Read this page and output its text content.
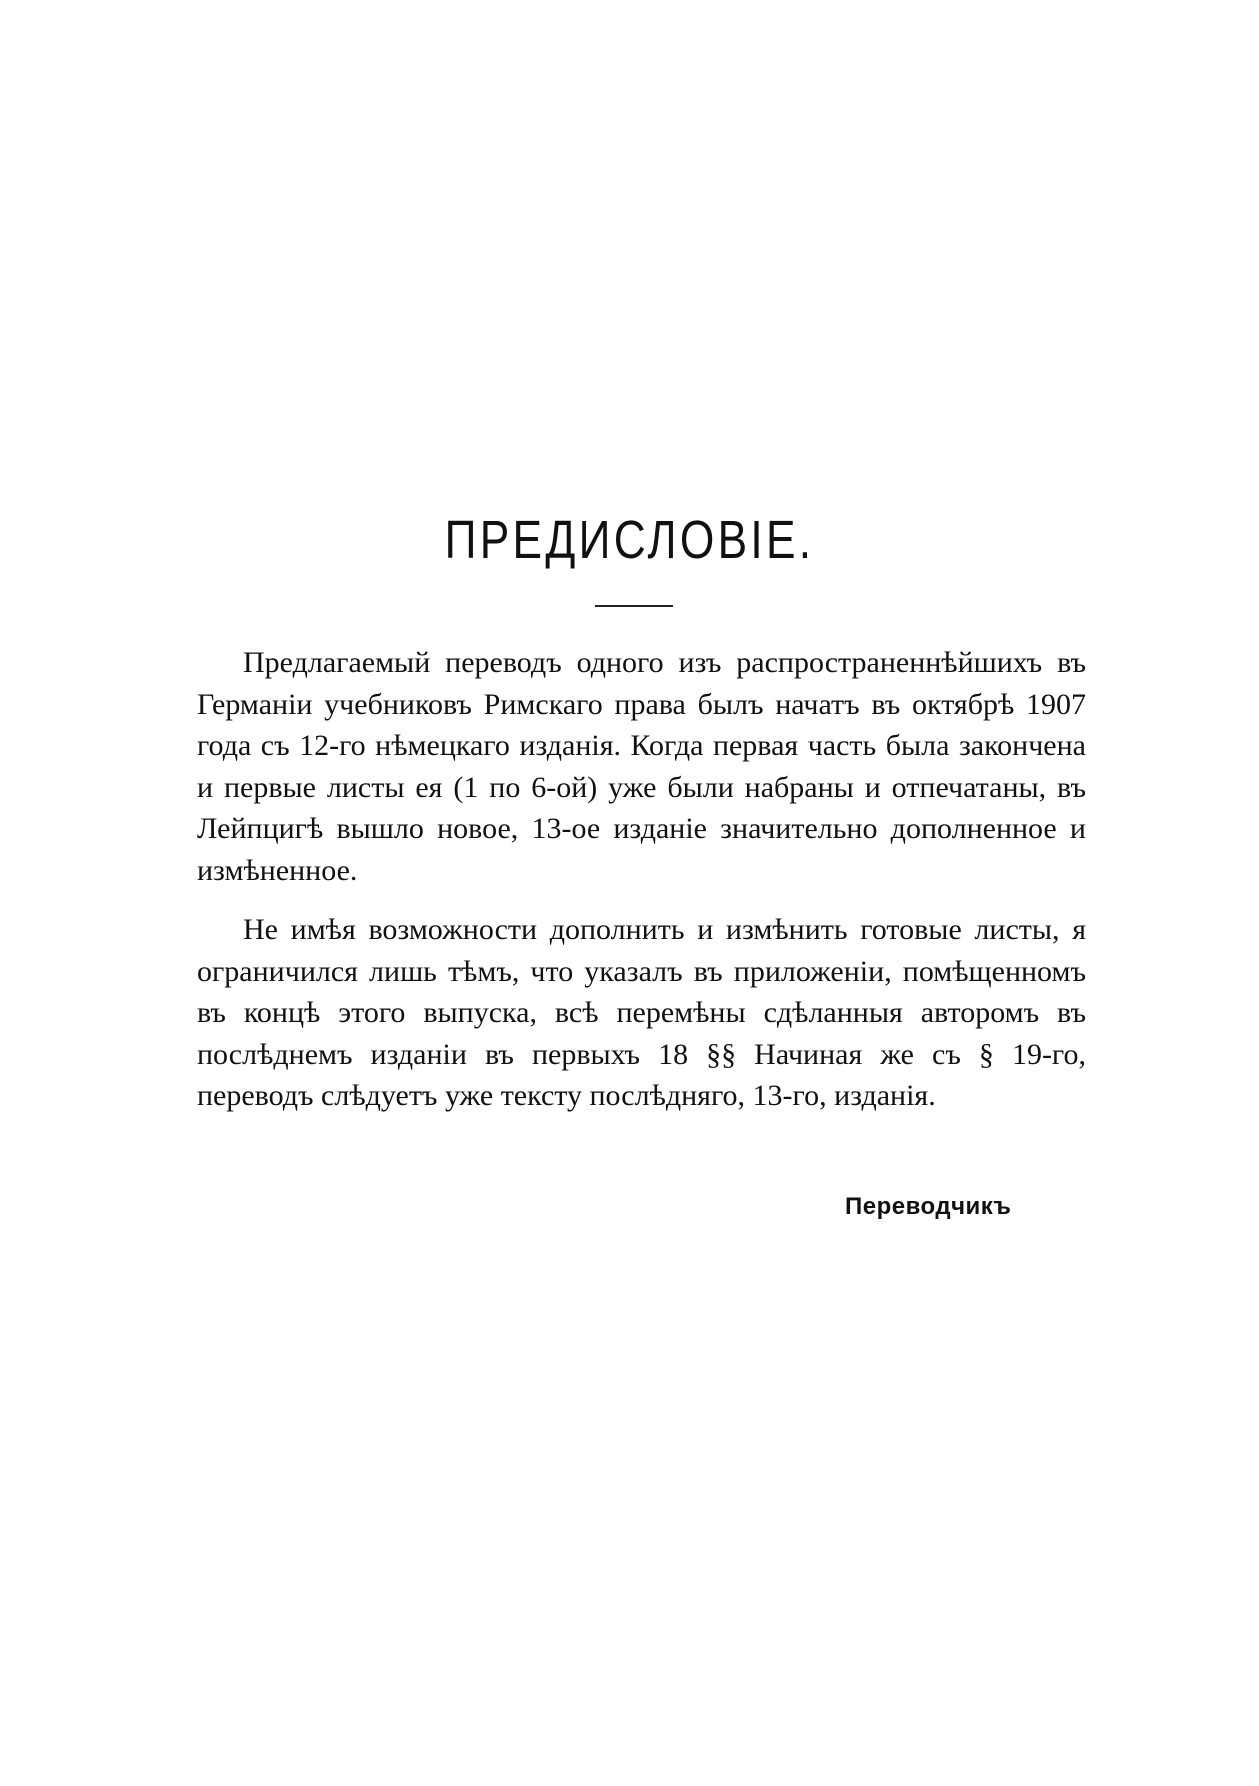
ПРЕДИСЛОВІЕ.

Предлагаемый переводъ одного изъ распространеннѣйшихъ въ Германіи учебниковъ Римскаго права былъ начатъ въ октябрѣ 1907 года съ 12-го нѣмецкаго изданія. Когда первая часть была закончена и первые листы ея (1 по 6-ой) уже были набраны и отпечатаны, въ Лейпцигѣ вышло новое, 13-ое изданіе значительно дополненное и измѣненное.

Не имѣя возможности дополнить и измѣнить готовые листы, я ограничился лишь тѣмъ, что указалъ въ приложеніи, помѣщенномъ въ концѣ этого выпуска, всѣ перемѣны сдѣланныя авторомъ въ послѣднемъ изданіи въ первыхъ 18 §§ Начиная же съ § 19-го, переводъ слѣдуетъ уже тексту послѣдняго, 13-го, изданія.

Переводчикъ
